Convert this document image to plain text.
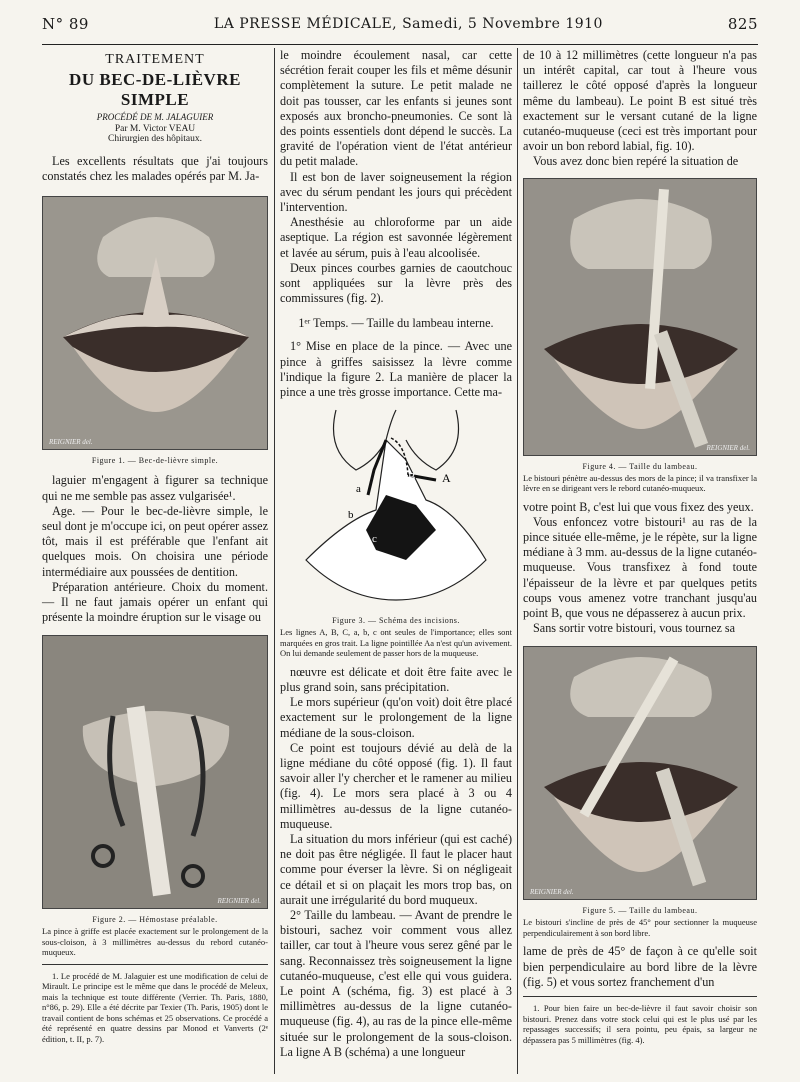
N° 89	LA PRESSE MÉDICALE, Samedi, 5 Novembre 1910	825
TRAITEMENT
DU BEC-DE-LIÈVRE SIMPLE
PROCÉDÉ DE M. JALAGUIER
Par M. Victor VEAU
Chirurgien des hôpitaux.

Les excellents résultats que j'ai toujours constatés chez les malades opérés par M. Ja-

REIGNIER del.
Figure 1. — Bec-de-lièvre simple.

laguier m'engagent à figurer sa technique qui ne me semble pas assez vulgarisée¹.

Age. — Pour le bec-de-lièvre simple, le seul dont je m'occupe ici, on peut opérer assez tôt, mais il est préférable que l'enfant ait quelques mois. On choisira une période intermédiaire aux poussées de dentition.

Préparation antérieure. Choix du moment. — Il ne faut jamais opérer un enfant qui présente la moindre éruption sur le visage ou

REIGNIER del.
Figure 2. — Hémostase préalable.
La pince à griffe est placée exactement sur le prolongement de la sous-cloison, à 3 millimètres au-dessus du rebord cutanéo-muqueux.

1. Le procédé de M. Jalaguier est une modification de celui de Mirault. Le principe est le même que dans le procédé de Meleux, mais la technique est toute différente (Verrier. Th. Paris, 1880, n°86, p. 29). Elle a été décrite par Texier (Th. Paris, 1905) dont le travail contient de bons schémas et 25 observations. Ce procédé a été représenté en quatre dessins par Monod et Vanverts (2ᵉ édition, t. II, p. 7).

le moindre écoulement nasal, car cette sécrétion ferait couper les fils et même désunir complètement la suture. Le petit malade ne doit pas tousser, car les enfants si jeunes sont exposés aux broncho-pneumonies. Ce sont là des points essentiels dont dépend le succès. La gravité de l'opération vient de l'état antérieur du petit malade.

Il est bon de laver soigneusement la région avec du sérum pendant les jours qui précèdent l'intervention.

Anesthésie au chloroforme par un aide aseptique. La région est savonnée légèrement et lavée au sérum, puis à l'eau alcoolisée.

Deux pinces courbes garnies de caoutchouc sont appliquées sur la lèvre près des commissures (fig. 2).

1ᵉʳ Temps. — Taille du lambeau interne.

1° Mise en place de la pince. — Avec une pince à griffes saisissez la lèvre comme l'indique la figure 2. La manière de placer la pince a une très grosse importance. Cette ma-

a
b
c
B A
C
Figure 3. — Schéma des incisions.
Les lignes A, B, C, a, b, c ont seules de l'importance; elles sont marquées en gros trait. La ligne pointillée Aa n'est qu'un avivement. On lui demande seulement de passer hors de la muqueuse.

nœuvre est délicate et doit être faite avec le plus grand soin, sans précipitation.

Le mors supérieur (qu'on voit) doit être placé exactement sur le prolongement de la ligne médiane de la sous-cloison.

Ce point est toujours dévié au delà de la ligne médiane du côté opposé (fig. 1). Il faut savoir aller l'y chercher et le ramener au milieu (fig. 4). Le mors sera placé à 3 ou 4 millimètres au-dessus de la ligne cutanéo-muqueuse.

La situation du mors inférieur (qui est caché) ne doit pas être négligée. Il faut le placer haut comme pour éverser la lèvre. Si on négligeait ce détail et si on plaçait les mors trop bas, on aurait une irrégularité du bord muqueux.

2° Taille du lambeau. — Avant de prendre le bistouri, sachez voir comment vous allez tailler, car tout à l'heure vous serez gêné par le sang. Reconnaissez très soigneusement la ligne cutanéo-muqueuse, c'est elle qui vous guidera. Le point A (schéma, fig. 3) est placé à 3 millimètres au-dessus de la ligne cutanéo-muqueuse (fig. 4), au ras de la pince elle-même située sur le prolongement de la sous-cloison. La ligne A B (schéma) a une longueur

de 10 à 12 millimètres (cette longueur n'a pas un intérêt capital, car tout à l'heure vous taillerez le côté opposé d'après la longueur même du lambeau). Le point B est situé très exactement sur le versant cutané de la ligne cutanéo-muqueuse (ceci est très important pour avoir un bon rebord labial, fig. 10).

Vous avez donc bien repéré la situation de

REIGNIER del.
Figure 4. — Taille du lambeau.
Le bistouri pénètre au-dessus des mors de la pince; il va transfixer la lèvre en se dirigeant vers le rebord cutanéo-muqueux.

votre point B, c'est lui que vous fixez des yeux.

Vous enfoncez votre bistouri¹ au ras de la pince située elle-même, je le répète, sur la ligne médiane à 3 mm. au-dessus de la ligne cutanéo-muqueuse. Vous transfixez à fond toute l'épaisseur de la lèvre et par quelques petits coups vous amenez votre tranchant jusqu'au point B, que vous ne dépasserez à aucun prix.

Sans sortir votre bistouri, vous tournez sa

REIGNIER del.
Figure 5. — Taille du lambeau.
Le bistouri s'incline de près de 45° pour sectionner la muqueuse perpendiculairement à son bord libre.

lame de près de 45° de façon à ce qu'elle soit bien perpendiculaire au bord libre de la lèvre (fig. 5) et vous sortez franchement d'un

1. Pour bien faire un bec-de-lièvre il faut savoir choisir son bistouri. Prenez dans votre stock celui qui est le plus usé par les repassages successifs; il sera pointu, peu épais, sa largeur ne dépassera pas 5 millimètres (fig. 4).
